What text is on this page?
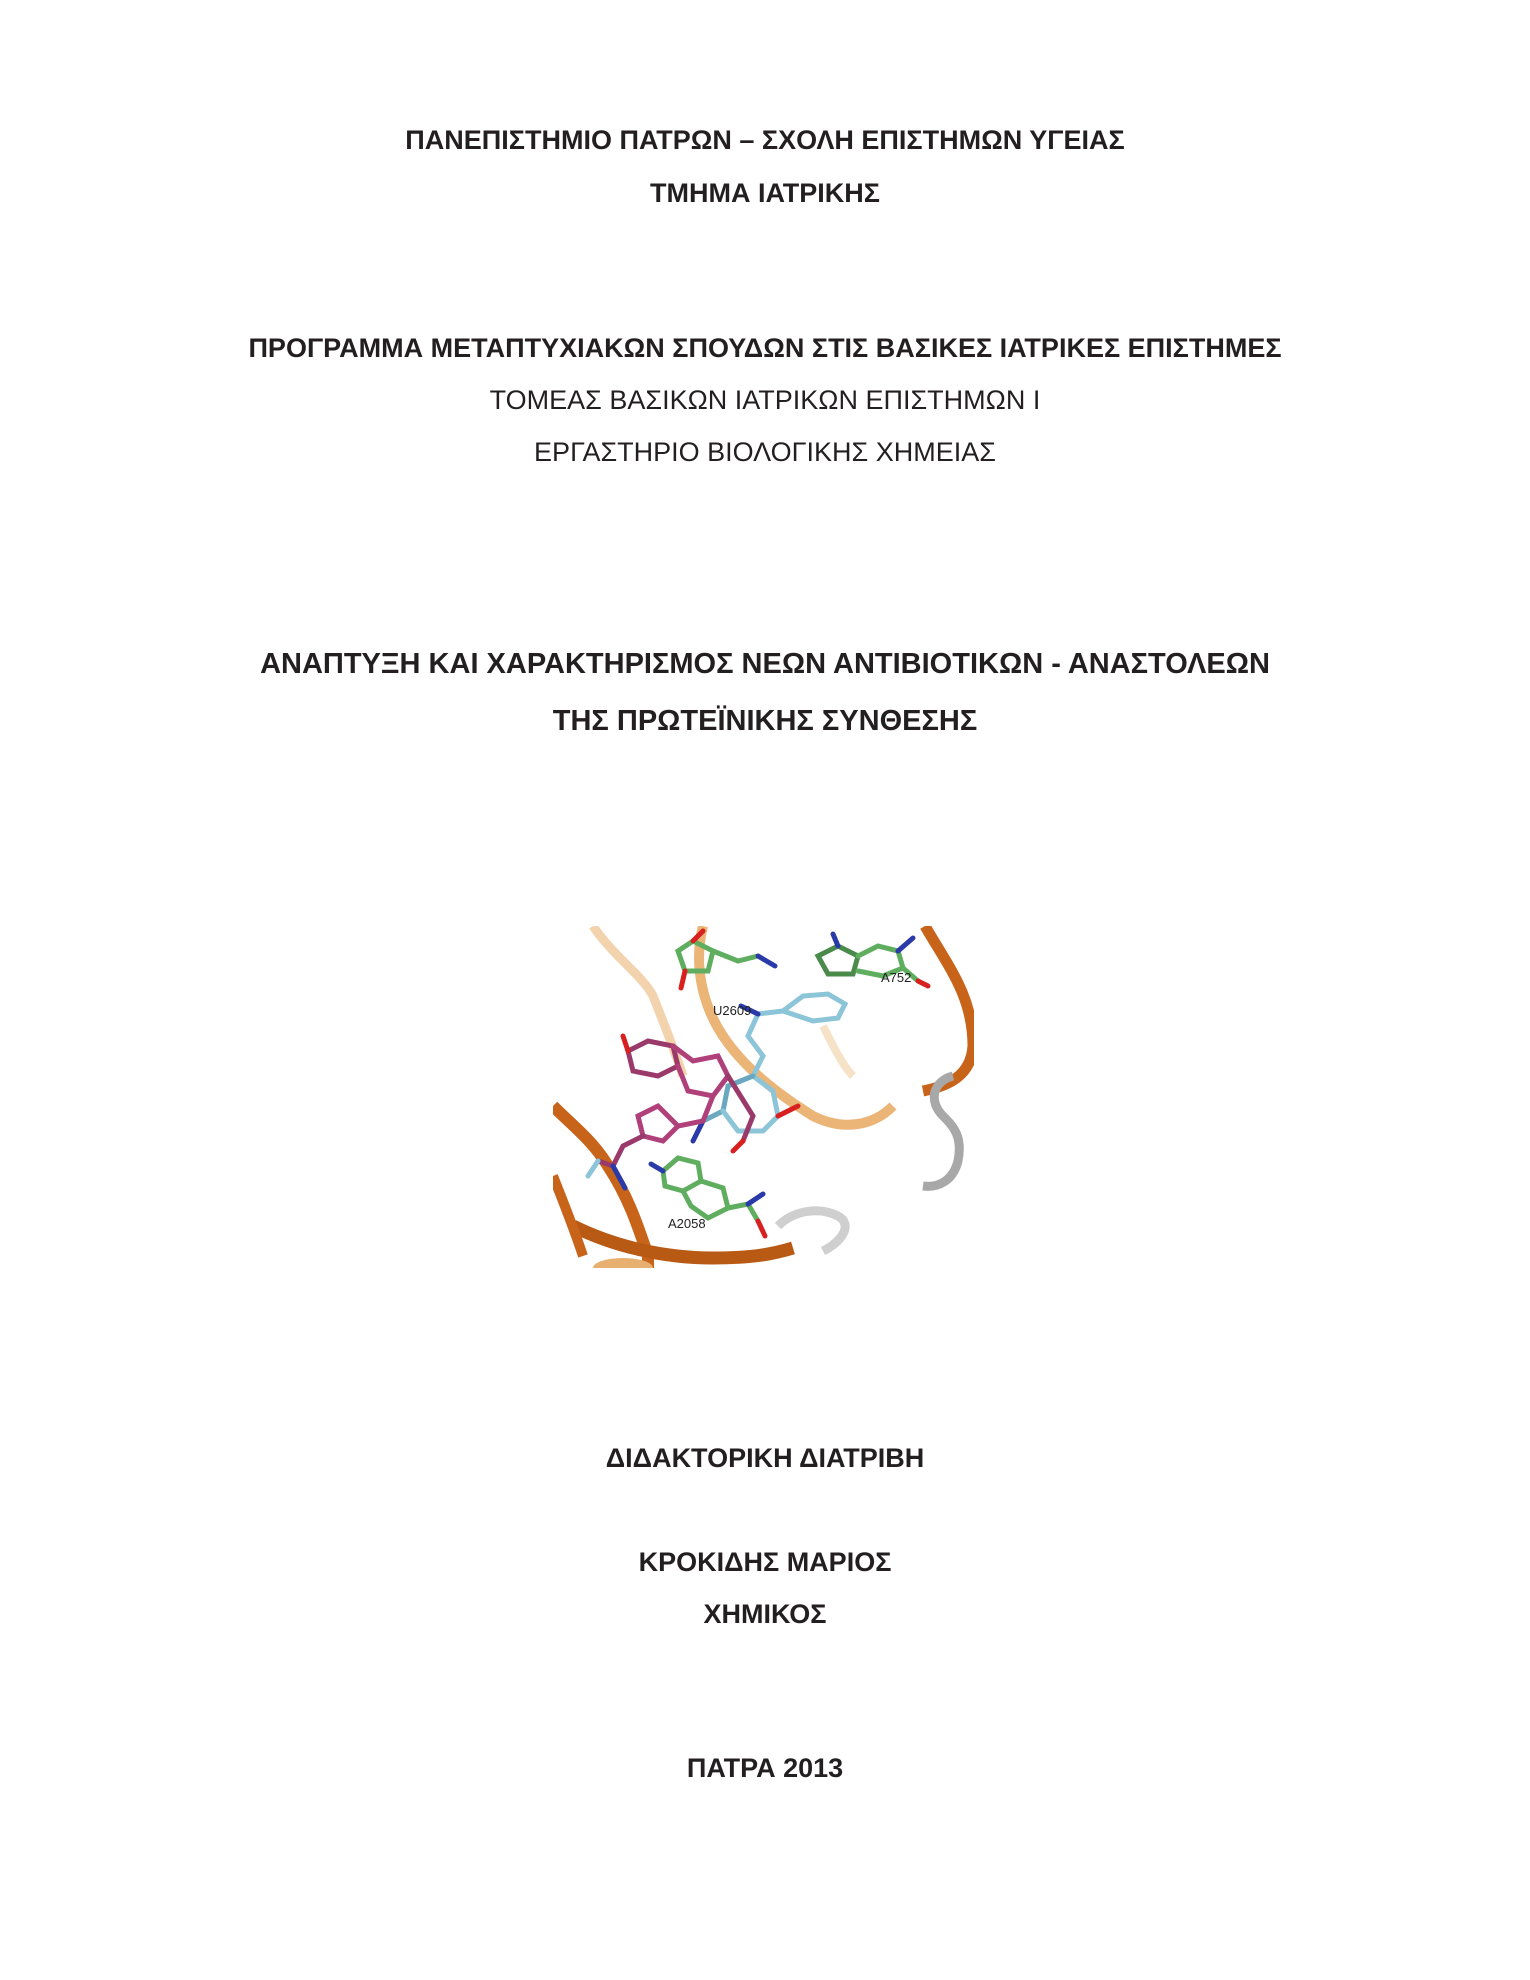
ΠΑΝΕΠΙΣΤΗΜΙΟ ΠΑΤΡΩΝ – ΣΧΟΛΗ ΕΠΙΣΤΗΜΩΝ ΥΓΕΙΑΣ
ΤΜΗΜΑ ΙΑΤΡΙΚΗΣ
ΠΡΟΓΡΑΜΜΑ ΜΕΤΑΠΤΥΧΙΑΚΩΝ ΣΠΟΥΔΩΝ ΣΤΙΣ ΒΑΣΙΚΕΣ ΙΑΤΡΙΚΕΣ ΕΠΙΣΤΗΜΕΣ
ΤΟΜΕΑΣ ΒΑΣΙΚΩΝ ΙΑΤΡΙΚΩΝ ΕΠΙΣΤΗΜΩΝ Ι
ΕΡΓΑΣΤΗΡΙΟ ΒΙΟΛΟΓΙΚΗΣ ΧΗΜΕΙΑΣ
ΑΝΑΠΤΥΞΗ ΚΑΙ ΧΑΡΑΚΤΗΡΙΣΜΟΣ ΝΕΩΝ ΑΝΤΙΒΙΟΤΙΚΩΝ - ΑΝΑΣΤΟΛΕΩΝ
ΤΗΣ ΠΡΩΤΕΪΝΙΚΗΣ ΣΥΝΘΕΣΗΣ
U2609
A752
A2058
ΔΙΔΑΚΤΟΡΙΚΗ ΔΙΑΤΡΙΒΗ
ΚΡΟΚΙΔΗΣ ΜΑΡΙΟΣ
ΧΗΜΙΚΟΣ
ΠΑΤΡΑ 2013
